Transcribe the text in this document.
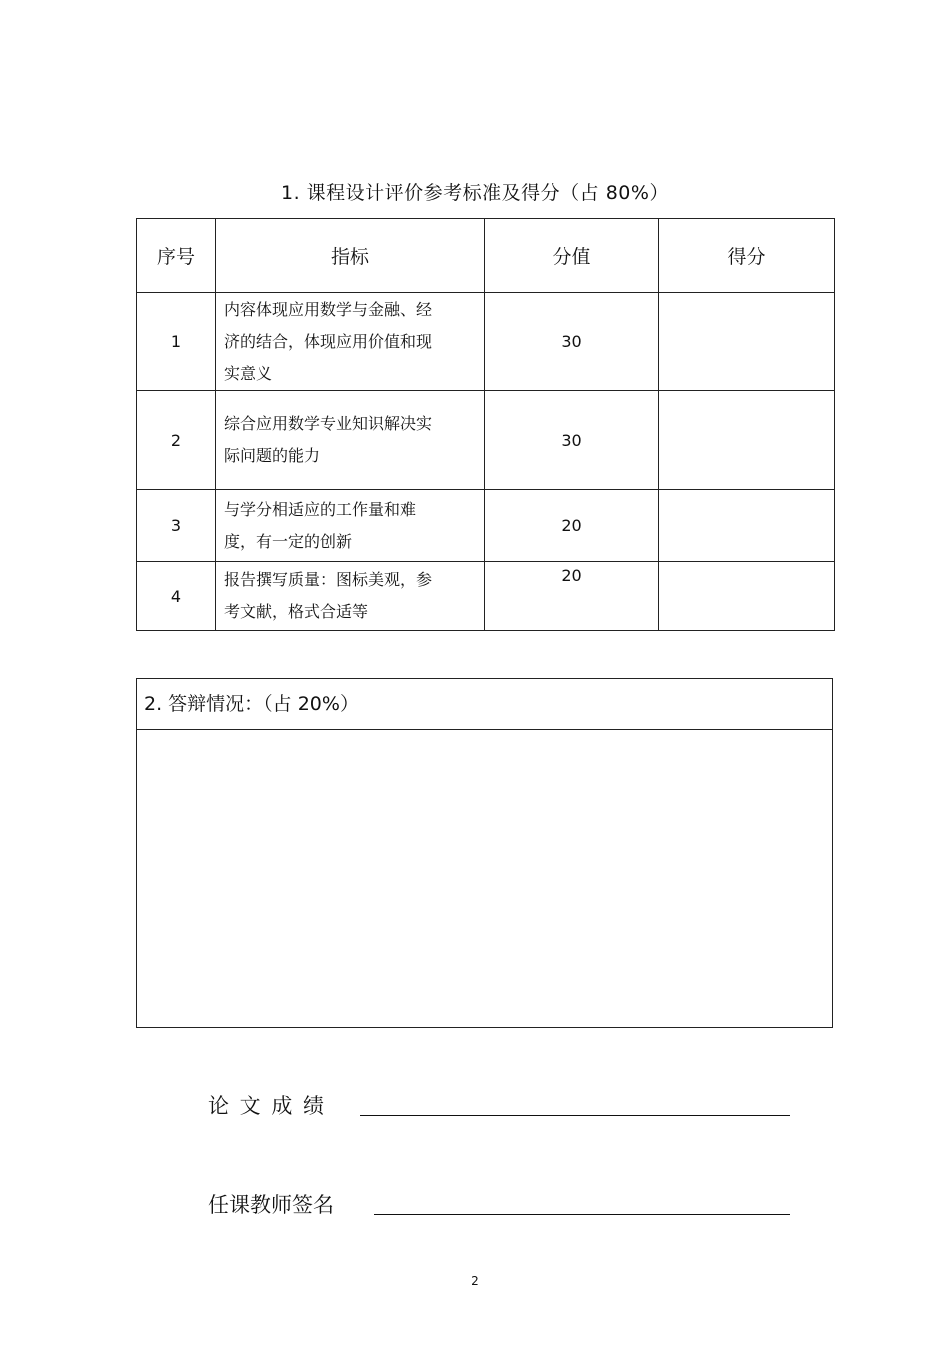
1. 课程设计评价参考标准及得分（占 80%）
序号	指标	分值	得分
1	内容体现应用数学与金融、经
济的结合，体现应用价值和现
实意义	30	
2	综合应用数学专业知识解决实
际问题的能力	30	
3	与学分相适应的工作量和难
度，有一定的创新	20	
4	报告撰写质量：图标美观，参
考文献，格式合适等	20	
2. 答辩情况：（占 20%）
论 文 成 绩
任课教师签名
2
